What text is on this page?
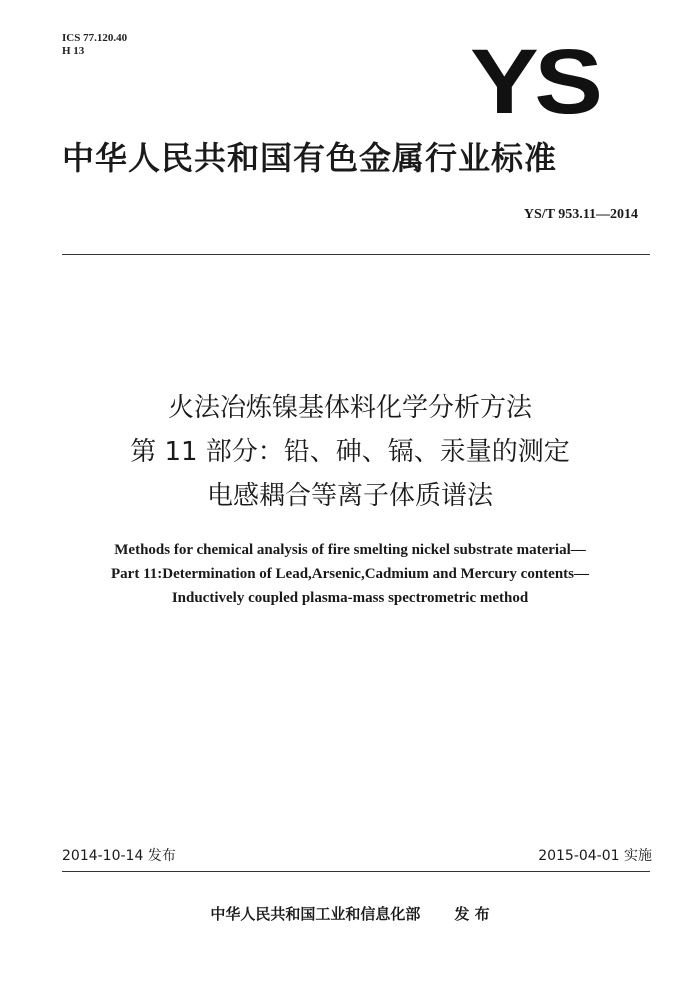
ICS 77.120.40
H 13	YS
中华人民共和国有色金属行业标准
YS/T 953.11—2014
火法冶炼镍基体料化学分析方法
第 11 部分：铅、砷、镉、汞量的测定
电感耦合等离子体质谱法
Methods for chemical analysis of fire smelting nickel substrate material—
Part 11:Determination of Lead,Arsenic,Cadmium and Mercury contents—
Inductively coupled plasma-mass spectrometric method
2014-10-14 发布	2015-04-01 实施
中华人民共和国工业和信息化部 发 布
